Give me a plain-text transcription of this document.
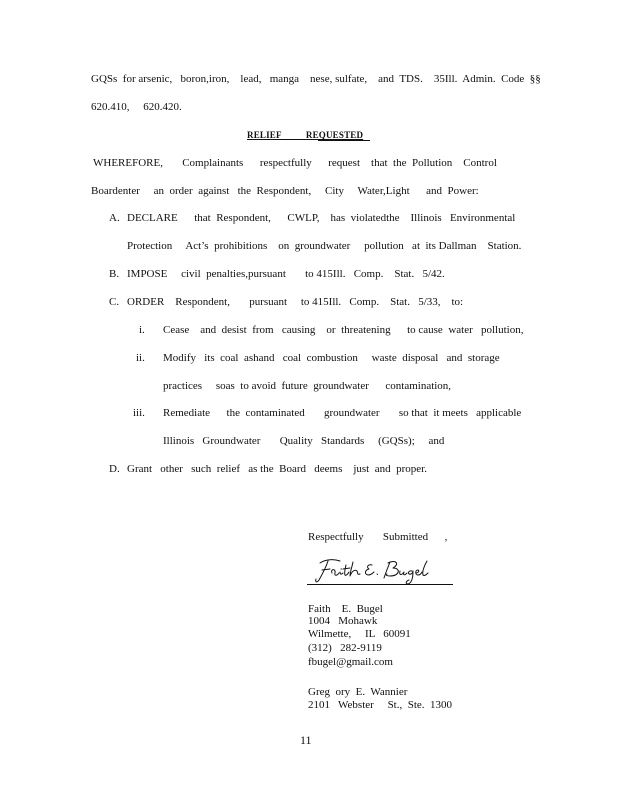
GQSs  for arsenic,   boron,iron,    lead,   manga    nese, sulfate,    and  TDS.    35Ill.  Admin.  Code  §§
620.410,     620.420.
RELIEF          REQUESTED
WHEREFORE,       Complainants      respectfully      request    that  the  Pollution    Control
Boardenter     an  order  against   the  Respondent,     City     Water,Light      and  Power:
A. DECLARE      that  Respondent,      CWLP,    has  violatedthe    Illinois   Environmental
Protection     Act’s  prohibitions    on  groundwater     pollution   at  its Dallman    Station.
B. IMPOSE     civil  penalties,pursuant       to 415Ill.   Comp.    Stat.   5/42.
C. ORDER    Respondent,       pursuant     to 415Ill.   Comp.    Stat.   5/33,    to:
i. Cease    and  desist  from   causing    or  threatening      to cause  water   pollution,
ii. Modify   its  coal  ashand   coal  combustion     waste  disposal   and  storage
practices     soas  to avoid  future  groundwater      contamination,
iii. Remediate      the  contaminated       groundwater       so that  it meets   applicable
Illinois   Groundwater       Quality   Standards     (GQSs);     and
D. Grant   other   such  relief   as the  Board   deems    just  and  proper.
Respectfully       Submitted      ,
Faith    E.  Bugel
1004   Mohawk
Wilmette,     IL   60091
(312)   282-9119
fbugel@gmail.com
Greg  ory  E.  Wannier
2101   Webster     St.,  Ste.  1300
11
